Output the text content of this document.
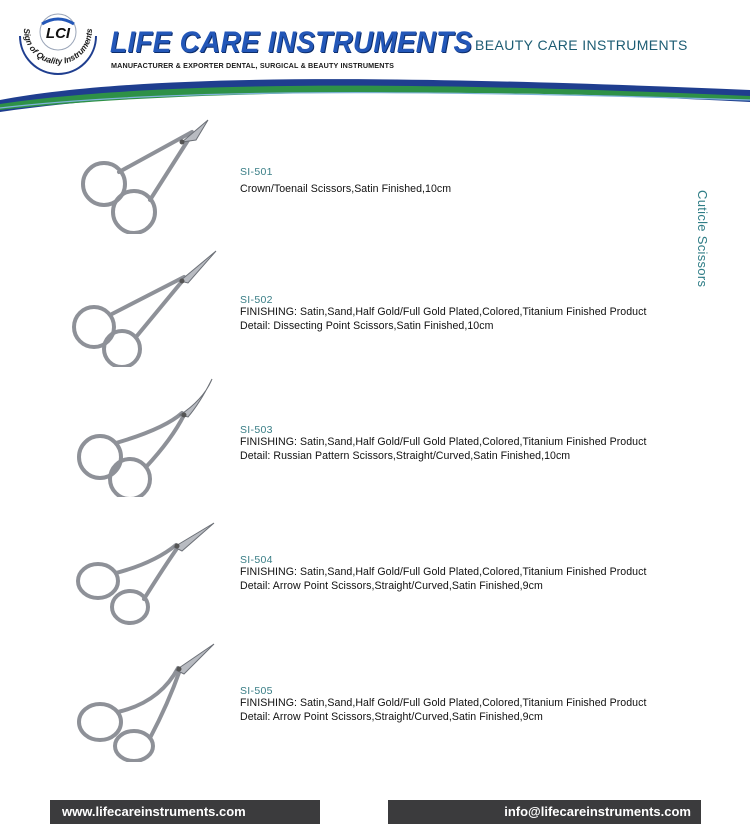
Sign of Quality Instruments
LCI LIFE CARE INSTRUMENTS
MANUFACTURER & EXPORTER DENTAL, SURGICAL & BEAUTY INSTRUMENTS
BEAUTY CARE INSTRUMENTS
Cuticle Scissors
SI-501
Crown/Toenail Scissors,Satin Finished,10cm
SI-502
FINISHING: Satin,Sand,Half Gold/Full Gold Plated,Colored,Titanium Finished Product
Detail: Dissecting Point Scissors,Satin Finished,10cm
SI-503
FINISHING: Satin,Sand,Half Gold/Full Gold Plated,Colored,Titanium Finished Product
Detail: Russian Pattern Scissors,Straight/Curved,Satin Finished,10cm
SI-504
FINISHING: Satin,Sand,Half Gold/Full Gold Plated,Colored,Titanium Finished Product
Detail: Arrow Point Scissors,Straight/Curved,Satin Finished,9cm
SI-505
FINISHING: Satin,Sand,Half Gold/Full Gold Plated,Colored,Titanium Finished Product
Detail: Arrow Point Scissors,Straight/Curved,Satin Finished,9cm
www.lifecareinstruments.com	info@lifecareinstruments.com
